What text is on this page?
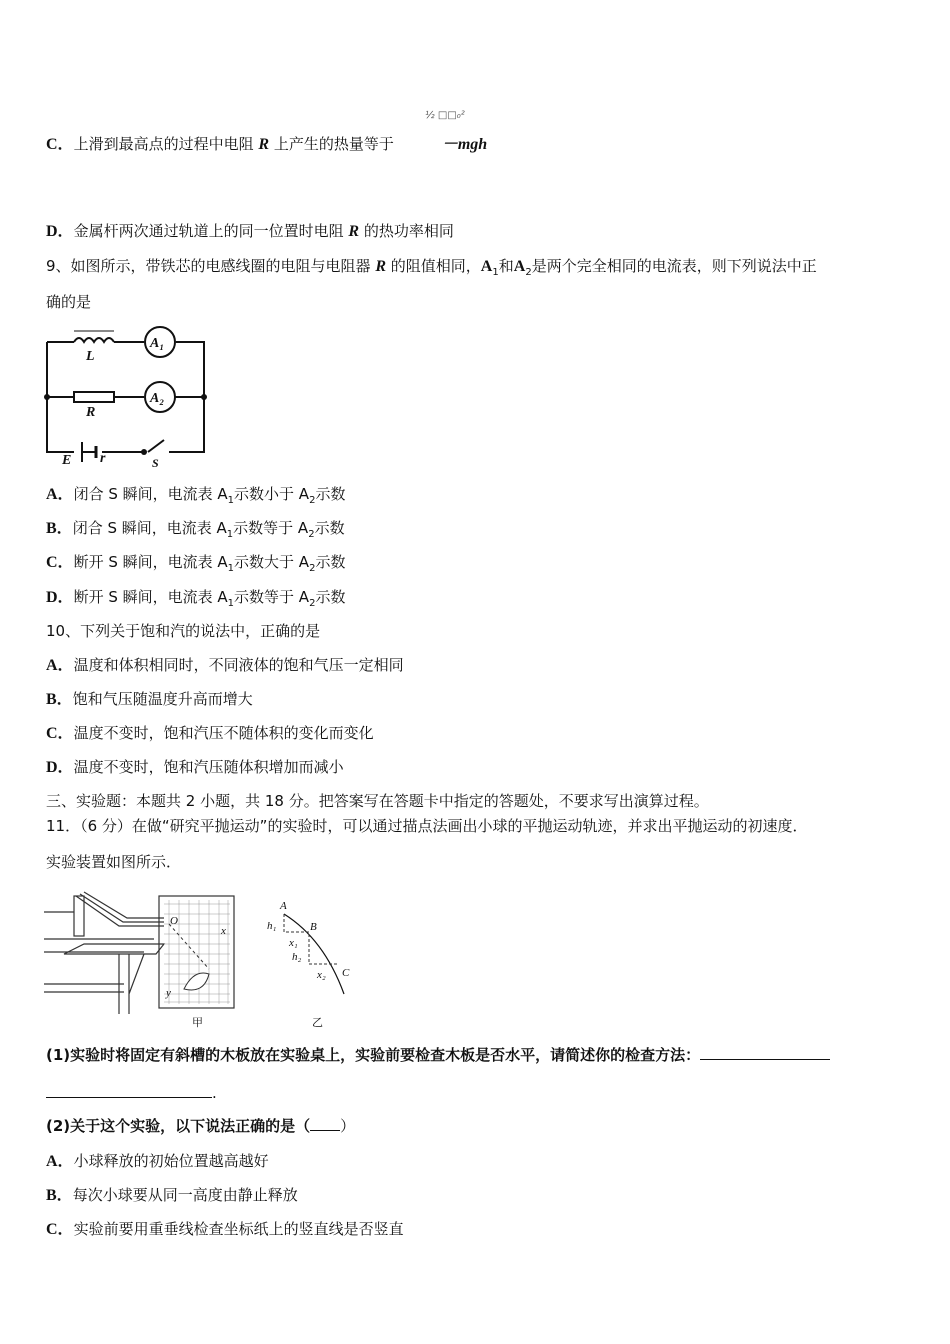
C．上滑到最高点的过程中电阻 R 上产生的热量等于	－mgh
½ □□₀²
D．金属杆两次通过轨道上的同一位置时电阻 R 的热功率相同
9、如图所示，带铁芯的电感线圈的电阻与电阻器 R 的阻值相同，$A_1$和$A_2$是两个完全相同的电流表，则下列说法中正
确的是
L
R
A₁
A₂
E r	S
A．闭合 S 瞬间，电流表 $A_1$示数小于 $A_2$示数
B．闭合 S 瞬间，电流表 $A_1$示数等于 $A_2$示数
C．断开 S 瞬间，电流表 $A_1$示数大于 $A_2$示数
D．断开 S 瞬间，电流表 $A_1$示数等于 $A_2$示数
10、下列关于饱和汽的说法中，正确的是
A．温度和体积相同时，不同液体的饱和气压一定相同
B．饱和气压随温度升高而增大
C．温度不变时，饱和汽压不随体积的变化而变化
D．温度不变时，饱和汽压随体积增加而减小
三、实验题：本题共 2 小题，共 18 分。把答案写在答题卡中指定的答题处，不要求写出演算过程。
11．（6 分）在做“研究平抛运动”的实验时，可以通过描点法画出小球的平抛运动轨迹，并求出平抛运动的初速度．
实验装置如图所示．
O
x
y
A
B
C
h₁
x₁
h₂
x₂
甲	乙
(1)实验时将固定有斜槽的木板放在实验桌上，实验前要检查木板是否水平，请简述你的检查方法：
.
(2)关于这个实验，以下说法正确的是（ ）
A．小球释放的初始位置越高越好
B．每次小球要从同一高度由静止释放
C．实验前要用重垂线检查坐标纸上的竖直线是否竖直
